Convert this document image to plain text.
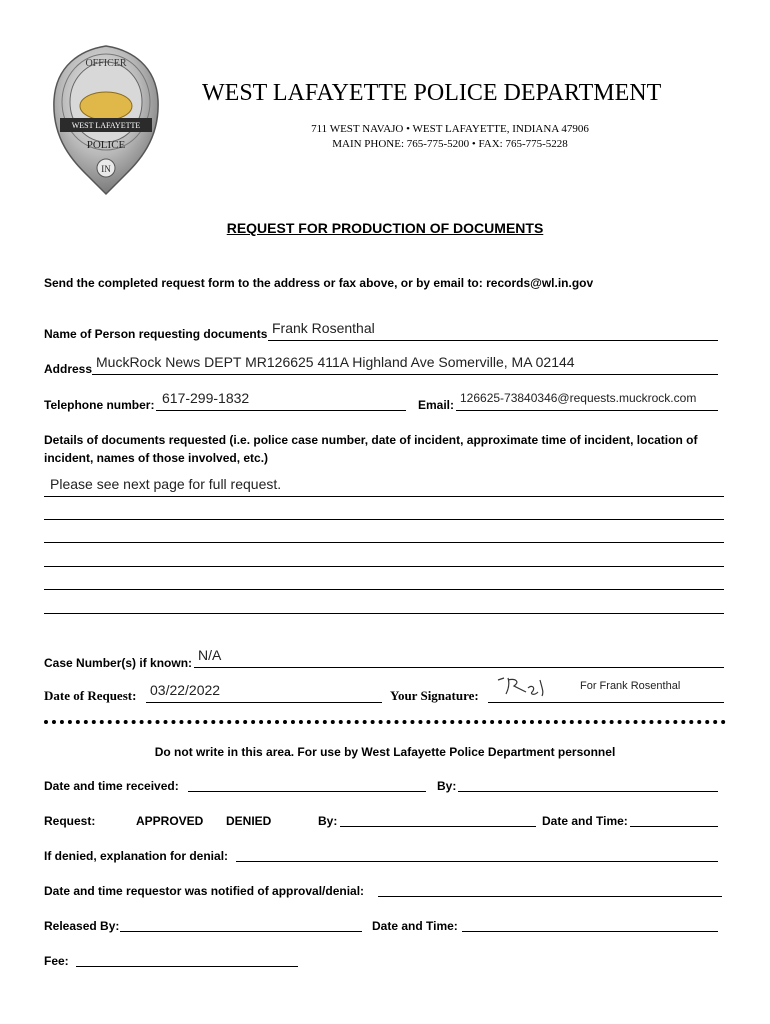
OFFICER
WEST LAFAYETTE
POLICE
IN
WEST LAFAYETTE POLICE DEPARTMENT
711 WEST NAVAJO • WEST LAFAYETTE, INDIANA 47906
MAIN PHONE: 765-775-5200 • FAX: 765-775-5228
REQUEST FOR PRODUCTION OF DOCUMENTS
Send the completed request form to the address or fax above, or by email to: records@wl.in.gov
Name of Person requesting documents Frank Rosenthal
Address MuckRock News DEPT MR126625 411A Highland Ave Somerville, MA 02144
Telephone number: 617-299-1832	Email: 126625-73840346@requests.muckrock.com
Details of documents requested (i.e. police case number, date of incident, approximate time of incident, location of incident, names of those involved, etc.)
Please see next page for full request.
Case Number(s) if known: N/A
Date of Request: 03/22/2022	Your Signature:
For Frank Rosenthal
Do not write in this area. For use by West Lafayette Police Department personnel
Date and time received:	By:
Request:	APPROVED DENIED	By:	Date and Time:
If denied, explanation for denial:
Date and time requestor was notified of approval/denial:
Released By:	Date and Time:
Fee:
